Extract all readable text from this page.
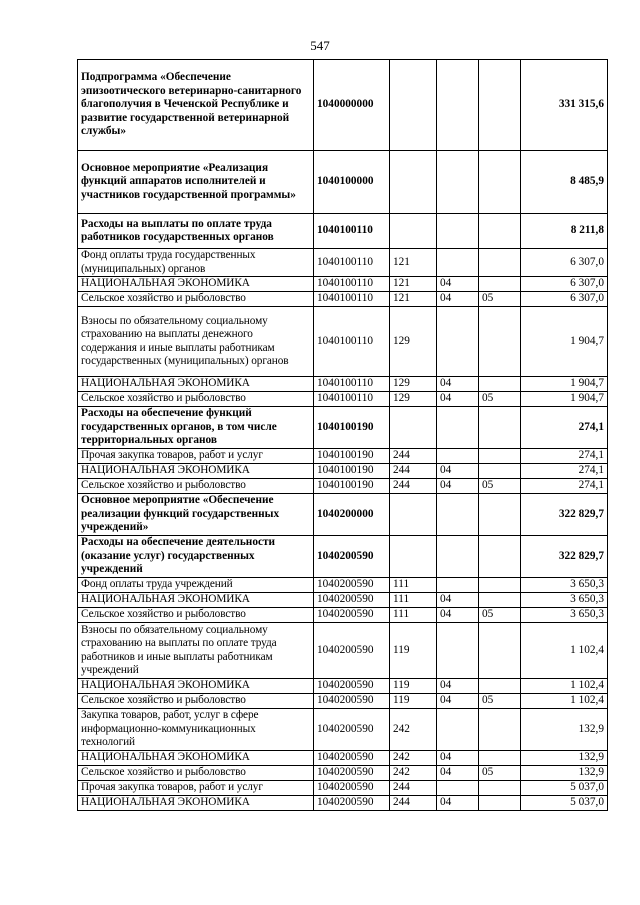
547
Подпрограмма «Обеспечение эпизоотического ветеринарно-санитарного благополучия в Чеченской Республике и развитие государственной ветеринарной службы»	1040000000				331 315,6
Основное мероприятие «Реализация функций аппаратов исполнителей и участников государственной программы»	1040100000				8 485,9
Расходы на выплаты по оплате труда работников государственных органов	1040100110				8 211,8
Фонд оплаты труда государственных (муниципальных) органов	1040100110	121			6 307,0
НАЦИОНАЛЬНАЯ ЭКОНОМИКА	1040100110	121	04		6 307,0
Сельское хозяйство и рыболовство	1040100110	121	04	05	6 307,0
Взносы по обязательному социальному страхованию на выплаты денежного содержания и иные выплаты работникам государственных (муниципальных) органов	1040100110	129			1 904,7
НАЦИОНАЛЬНАЯ ЭКОНОМИКА	1040100110	129	04		1 904,7
Сельское хозяйство и рыболовство	1040100110	129	04	05	1 904,7
Расходы на обеспечение функций государственных органов, в том числе территориальных органов	1040100190				274,1
Прочая закупка товаров, работ и услуг	1040100190	244			274,1
НАЦИОНАЛЬНАЯ ЭКОНОМИКА	1040100190	244	04		274,1
Сельское хозяйство и рыболовство	1040100190	244	04	05	274,1
Основное мероприятие «Обеспечение реализации функций государственных учреждений»	1040200000				322 829,7
Расходы на обеспечение деятельности (оказание услуг) государственных учреждений	1040200590				322 829,7
Фонд оплаты труда учреждений	1040200590	111			3 650,3
НАЦИОНАЛЬНАЯ ЭКОНОМИКА	1040200590	111	04		3 650,3
Сельское хозяйство и рыболовство	1040200590	111	04	05	3 650,3
Взносы по обязательному социальному страхованию на выплаты по оплате труда работников и иные выплаты работникам учреждений	1040200590	119			1 102,4
НАЦИОНАЛЬНАЯ ЭКОНОМИКА	1040200590	119	04		1 102,4
Сельское хозяйство и рыболовство	1040200590	119	04	05	1 102,4
Закупка товаров, работ, услуг в сфере информационно-коммуникационных технологий	1040200590	242			132,9
НАЦИОНАЛЬНАЯ ЭКОНОМИКА	1040200590	242	04		132,9
Сельское хозяйство и рыболовство	1040200590	242	04	05	132,9
Прочая закупка товаров, работ и услуг	1040200590	244			5 037,0
НАЦИОНАЛЬНАЯ ЭКОНОМИКА	1040200590	244	04		5 037,0
